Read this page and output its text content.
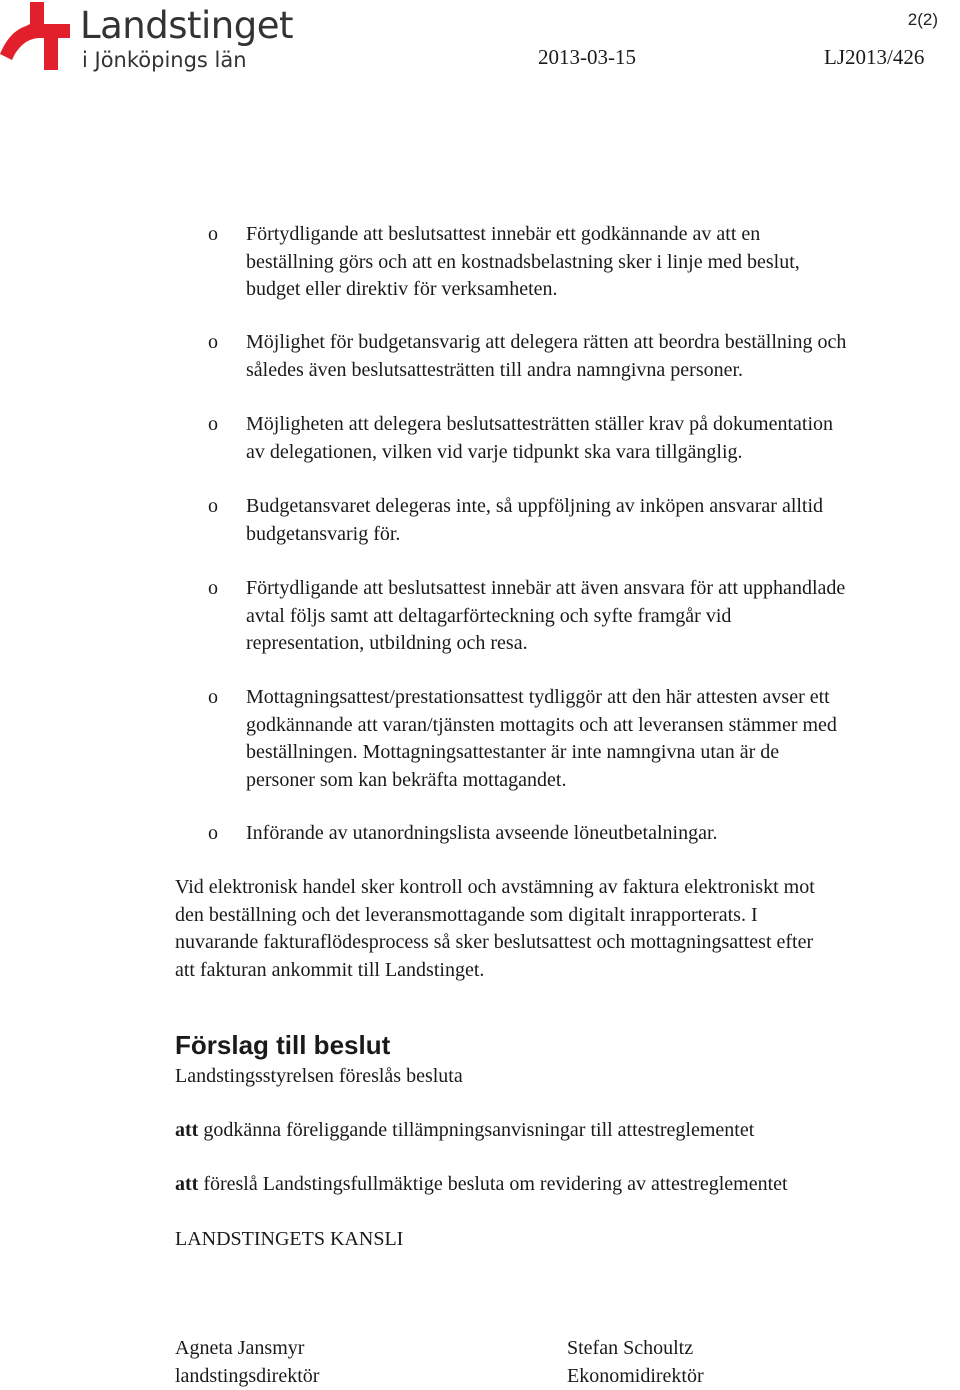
Landstinget
i Jönköpings län
2(2)
2013-03-15	LJ2013/426
o Förtydligande att beslutsattest innebär ett godkännande av att en
beställning görs och att en kostnadsbelastning sker i linje med beslut,
budget eller direktiv för verksamheten.
o Möjlighet för budgetansvarig att delegera rätten att beordra beställning och
således även beslutsattesträtten till andra namngivna personer.
o Möjligheten att delegera beslutsattesträtten ställer krav på dokumentation
av delegationen, vilken vid varje tidpunkt ska vara tillgänglig.
o Budgetansvaret delegeras inte, så uppföljning av inköpen ansvarar alltid
budgetansvarig för.
o Förtydligande att beslutsattest innebär att även ansvara för att upphandlade
avtal följs samt att deltagarförteckning och syfte framgår vid
representation, utbildning och resa.
o Mottagningsattest/prestationsattest tydliggör att den här attesten avser ett
godkännande att varan/tjänsten mottagits och att leveransen stämmer med
beställningen. Mottagningsattestanter är inte namngivna utan är de
personer som kan bekräfta mottagandet.
o Införande av utanordningslista avseende löneutbetalningar.
Vid elektronisk handel sker kontroll och avstämning av faktura elektroniskt mot
den beställning och det leveransmottagande som digitalt inrapporterats. I
nuvarande fakturaflödesprocess så sker beslutsattest och mottagningsattest efter
att fakturan ankommit till Landstinget.
Förslag till beslut
Landstingsstyrelsen föreslås besluta
att godkänna föreliggande tillämpningsanvisningar till attestreglementet
att föreslå Landstingsfullmäktige besluta om revidering av attestreglementet
LANDSTINGETS KANSLI
Agneta Jansmyr
landstingsdirektör
Stefan Schoultz
Ekonomidirektör
